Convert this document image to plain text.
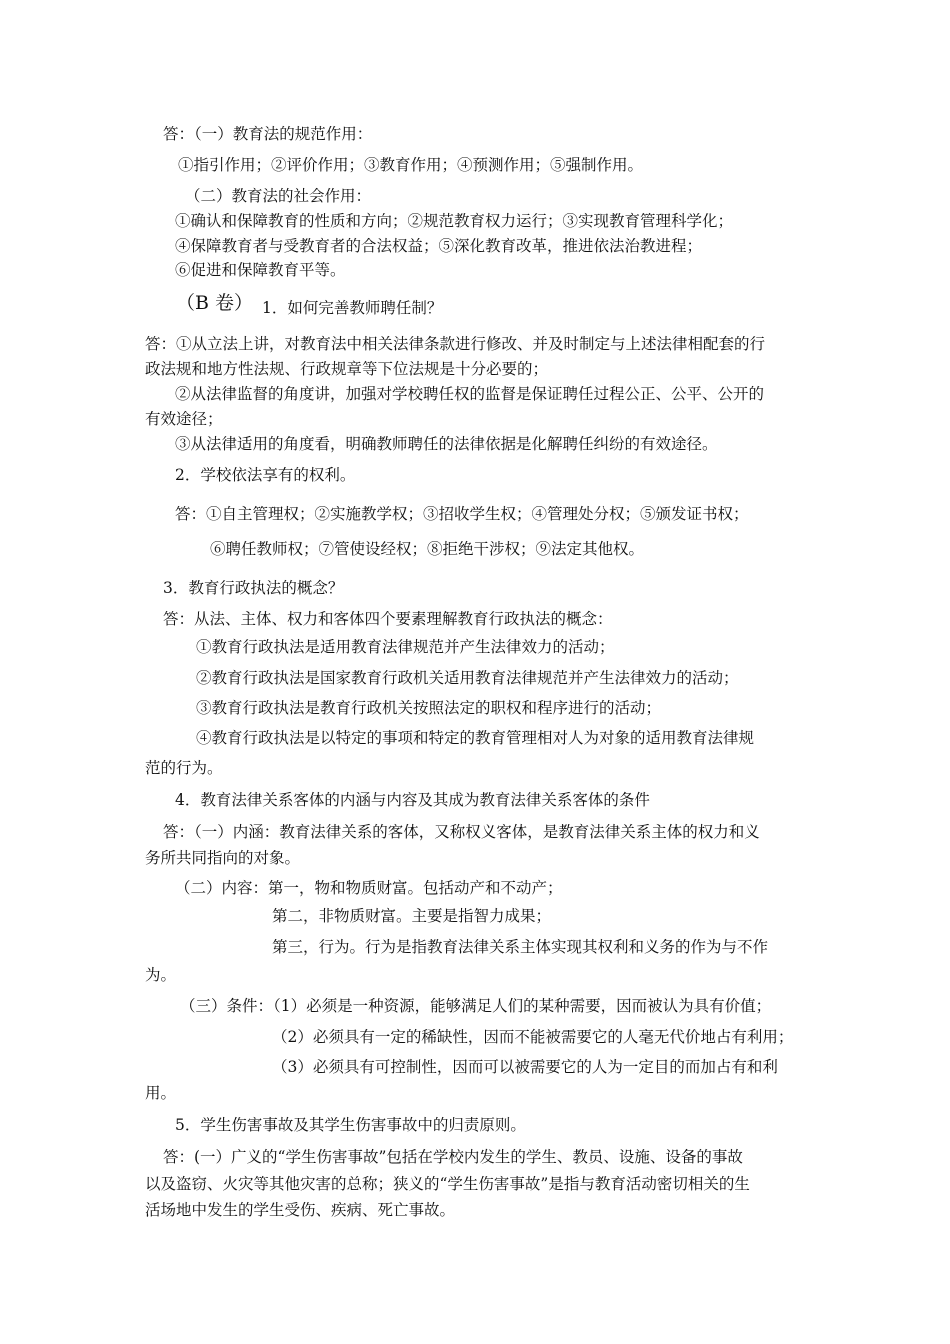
答：（一）教育法的规范作用：
①指引作用；②评价作用；③教育作用；④预测作用；⑤强制作用。
（二）教育法的社会作用：
①确认和保障教育的性质和方向；②规范教育权力运行；③实现教育管理科学化；
④保障教育者与受教育者的合法权益；⑤深化教育改革，推进依法治教进程；
⑥促进和保障教育平等。
（B 卷） 1．如何完善教师聘任制？
答：①从立法上讲，对教育法中相关法律条款进行修改、并及时制定与上述法律相配套的行
政法规和地方性法规、行政规章等下位法规是十分必要的；
②从法律监督的角度讲，加强对学校聘任权的监督是保证聘任过程公正、公平、公开的
有效途径；
③从法律适用的角度看，明确教师聘任的法律依据是化解聘任纠纷的有效途径。
2．学校依法享有的权利。
答：①自主管理权；②实施教学权；③招收学生权；④管理处分权；⑤颁发证书权；
⑥聘任教师权；⑦管使设经权；⑧拒绝干涉权；⑨法定其他权。
3．教育行政执法的概念？
答：从法、主体、权力和客体四个要素理解教育行政执法的概念：
①教育行政执法是适用教育法律规范并产生法律效力的活动；
②教育行政执法是国家教育行政机关适用教育法律规范并产生法律效力的活动；
③教育行政执法是教育行政机关按照法定的职权和程序进行的活动；
④教育行政执法是以特定的事项和特定的教育管理相对人为对象的适用教育法律规
范的行为。
4．教育法律关系客体的内涵与内容及其成为教育法律关系客体的条件
答：（一）内涵：教育法律关系的客体，又称权义客体，是教育法律关系主体的权力和义
务所共同指向的对象。
（二）内容：第一，物和物质财富。包括动产和不动产；
第二，非物质财富。主要是指智力成果；
第三，行为。行为是指教育法律关系主体实现其权利和义务的作为与不作
为。
（三）条件：（1）必须是一种资源，能够满足人们的某种需要，因而被认为具有价值；
（2）必须具有一定的稀缺性，因而不能被需要它的人毫无代价地占有利用；
（3）必须具有可控制性，因而可以被需要它的人为一定目的而加占有和利
用。
5．学生伤害事故及其学生伤害事故中的归责原则。
答：(一）广义的“学生伤害事故”包括在学校内发生的学生、教员、设施、设备的事故
以及盗窃、火灾等其他灾害的总称；狭义的“学生伤害事故”是指与教育活动密切相关的生
活场地中发生的学生受伤、疾病、死亡事故。
